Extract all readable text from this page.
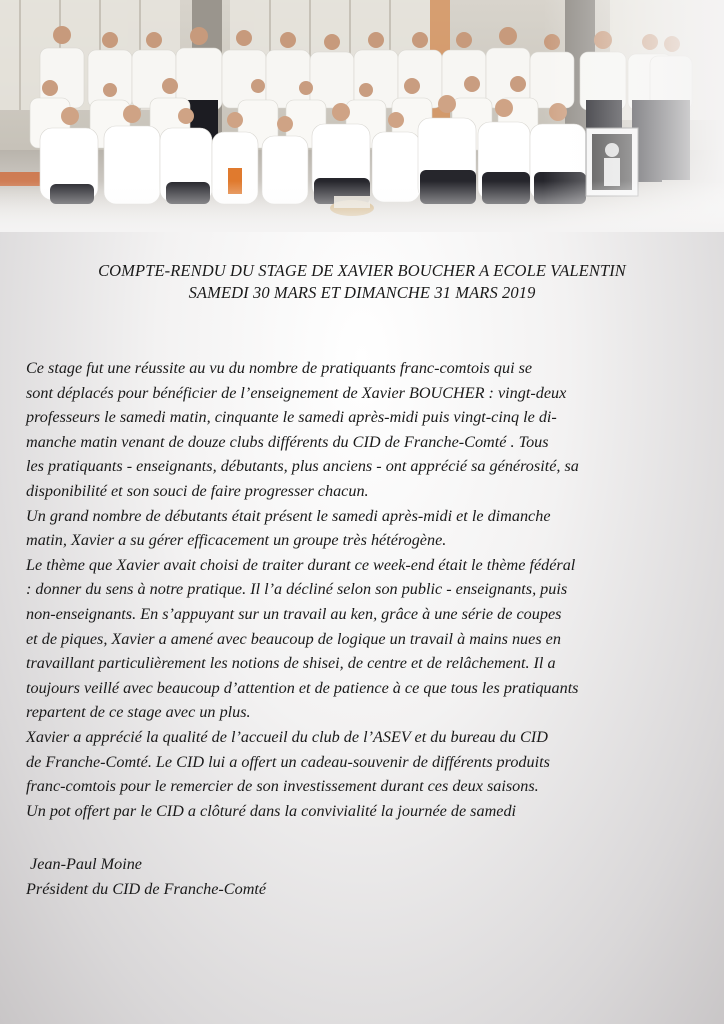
COMPTE-RENDU DU STAGE DE XAVIER BOUCHER A ECOLE VALENTIN
SAMEDI 30 MARS ET DIMANCHE 31 MARS 2019
Ce stage fut une réussite au vu du nombre de pratiquants franc-comtois qui se
sont déplacés pour bénéficier de l’enseignement de Xavier BOUCHER : vingt-deux
professeurs le samedi matin, cinquante le samedi après-midi puis vingt-cinq le di-
manche matin venant de douze clubs différents du CID de Franche-Comté . Tous
les pratiquants - enseignants, débutants, plus anciens - ont apprécié sa générosité, sa
disponibilité et son souci de faire progresser chacun.
Un grand nombre de débutants était présent le samedi après-midi et le dimanche
matin, Xavier a su gérer efficacement un groupe très hétérogène.
Le thème que Xavier avait choisi de traiter durant ce week-end était le thème fédéral
: donner du sens à notre pratique. Il l’a décliné selon son public - enseignants, puis
non-enseignants. En s’appuyant sur un travail au ken, grâce à une série de coupes
et de piques, Xavier a amené avec beaucoup de logique un travail à mains nues en
travaillant particulièrement les notions de shisei, de centre et de relâchement. Il a
toujours veillé avec beaucoup d’attention et de patience à ce que tous les pratiquants
repartent de ce stage avec un plus.
Xavier a apprécié la qualité de l’accueil du club de l’ASEV et du bureau du CID
de Franche-Comté. Le CID lui a offert un cadeau-souvenir de différents produits
franc-comtois pour le remercier de son investissement durant ces deux saisons.
Un pot offert par le CID a clôturé dans la convivialité la journée de samedi
Jean-Paul Moine
Président du CID de Franche-Comté
